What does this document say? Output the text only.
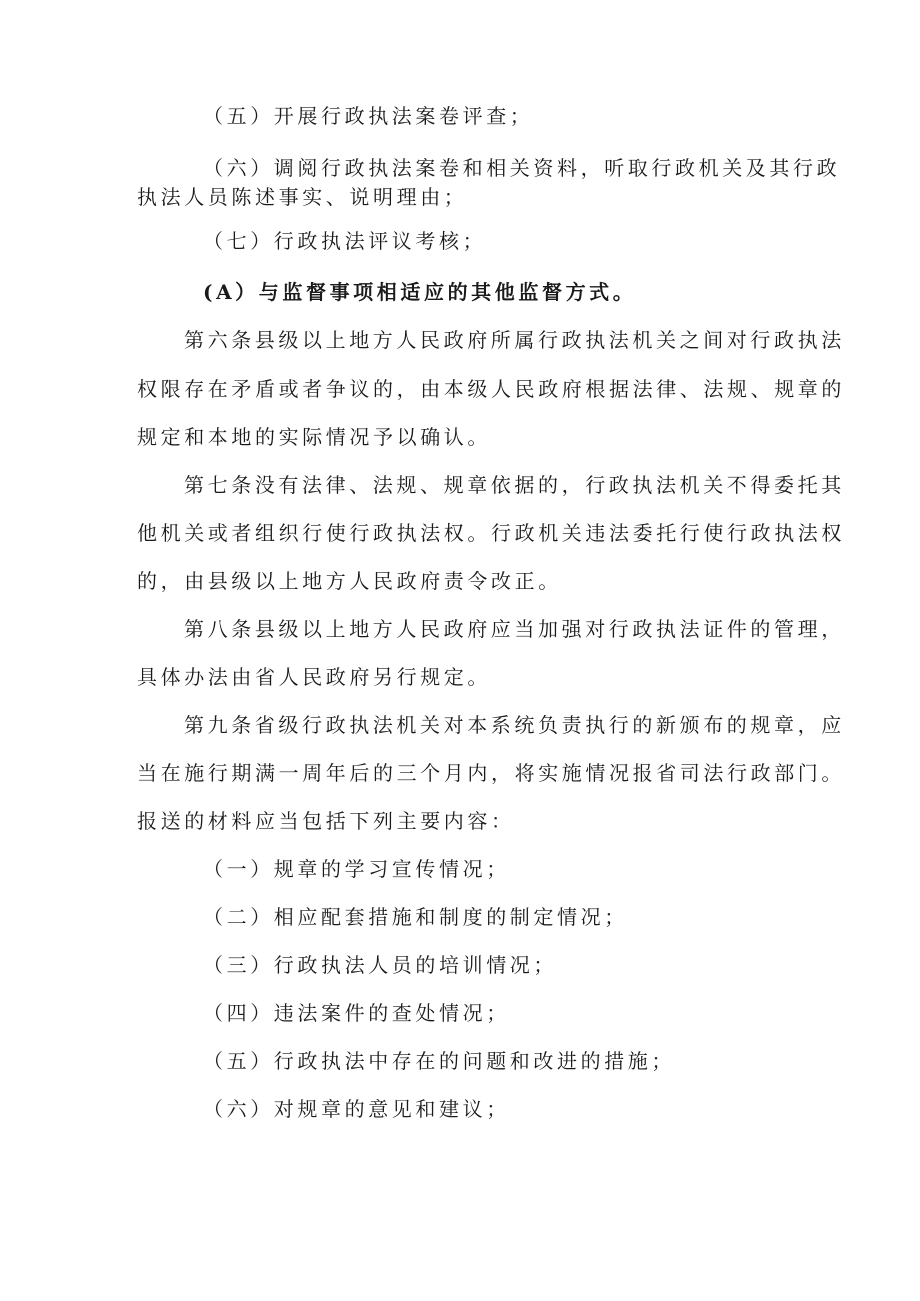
（五）开展行政执法案卷评查；
（六）调阅行政执法案卷和相关资料，听取行政机关及其行政
执法人员陈述事实、说明理由；
（七）行政执法评议考核；
(A）与监督事项相适应的其他监督方式。
第六条县级以上地方人民政府所属行政执法机关之间对行政执法
权限存在矛盾或者争议的，由本级人民政府根据法律、法规、规章的
规定和本地的实际情况予以确认。
第七条没有法律、法规、规章依据的，行政执法机关不得委托其
他机关或者组织行使行政执法权。行政机关违法委托行使行政执法权
的，由县级以上地方人民政府责令改正。
第八条县级以上地方人民政府应当加强对行政执法证件的管理，
具体办法由省人民政府另行规定。
第九条省级行政执法机关对本系统负责执行的新颁布的规章，应
当在施行期满一周年后的三个月内，将实施情况报省司法行政部门。
报送的材料应当包括下列主要内容：
（一）规章的学习宣传情况；
（二）相应配套措施和制度的制定情况；
（三）行政执法人员的培训情况；
（四）违法案件的查处情况；
（五）行政执法中存在的问题和改进的措施；
（六）对规章的意见和建议；
